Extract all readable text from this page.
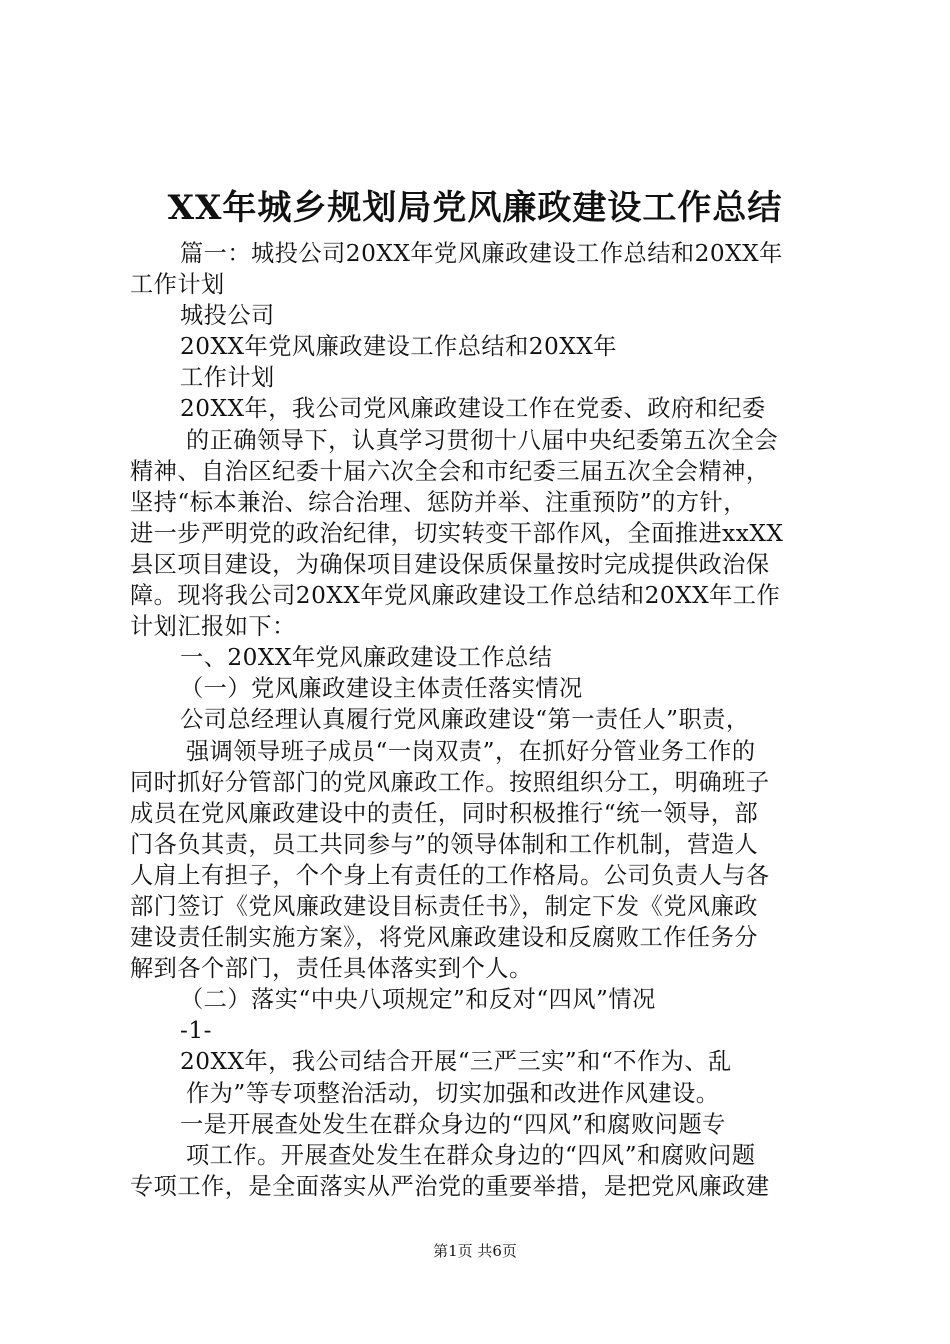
XX年城乡规划局党风廉政建设工作总结
篇一：城投公司20XX年党风廉政建设工作总结和20XX年
工作计划
城投公司
20XX年党风廉政建设工作总结和20XX年
工作计划
20XX年，我公司党风廉政建设工作在党委、政府和纪委
的正确领导下，认真学习贯彻十八届中央纪委第五次全会
精神、自治区纪委十届六次全会和市纪委三届五次全会精神，
坚持“标本兼治、综合治理、惩防并举、注重预防”的方针，
进一步严明党的政治纪律，切实转变干部作风，全面推进xxXX
县区项目建设，为确保项目建设保质保量按时完成提供政治保
障。现将我公司20XX年党风廉政建设工作总结和20XX年工作
计划汇报如下：
一、20XX年党风廉政建设工作总结
（一）党风廉政建设主体责任落实情况
公司总经理认真履行党风廉政建设“第一责任人”职责，
强调领导班子成员“一岗双责”，在抓好分管业务工作的
同时抓好分管部门的党风廉政工作。按照组织分工，明确班子
成员在党风廉政建设中的责任，同时积极推行“统一领导，部
门各负其责，员工共同参与”的领导体制和工作机制，营造人
人肩上有担子，个个身上有责任的工作格局。公司负责人与各
部门签订《党风廉政建设目标责任书》，制定下发《党风廉政
建设责任制实施方案》，将党风廉政建设和反腐败工作任务分
解到各个部门，责任具体落实到个人。
（二）落实“中央八项规定”和反对“四风”情况
-1-
20XX年，我公司结合开展“三严三实”和“不作为、乱
作为”等专项整治活动，切实加强和改进作风建设。
一是开展查处发生在群众身边的“四风”和腐败问题专
项工作。开展查处发生在群众身边的“四风”和腐败问题
专项工作，是全面落实从严治党的重要举措，是把党风廉政建
第1页 共6页
